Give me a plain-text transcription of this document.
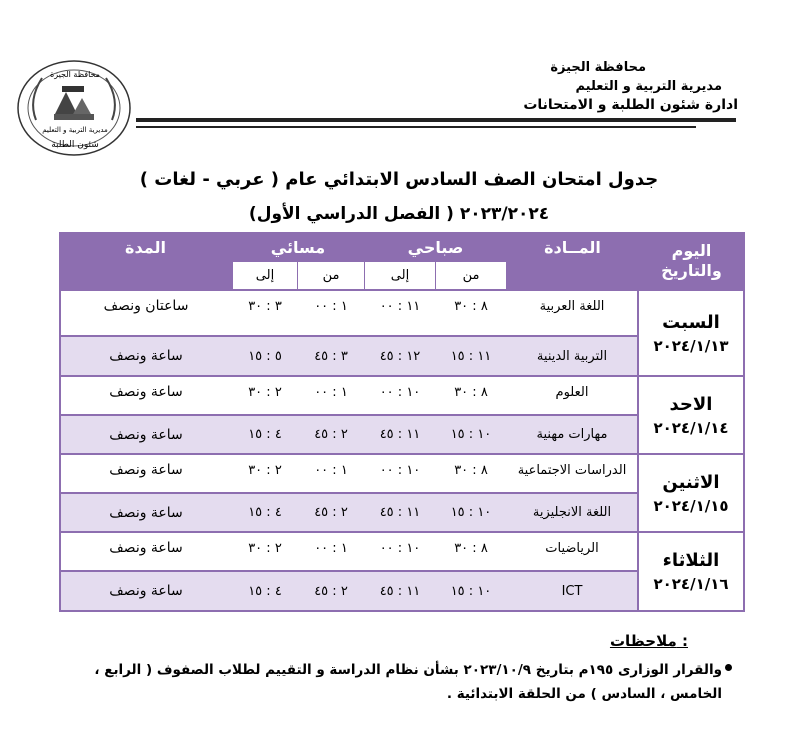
محافظة الجيزة
مديرية التربية و التعليم
ادارة شئون الطلبة و الامتحانات
محافظة الجيزة
مديرية التربية و التعليم
شئون الطلبة
جدول امتحان الصف السادس الابتدائي عام ( عربي - لغات )
(الفصل الدراسي الأول ) ٢٠٢٣/٢٠٢٤
اليوم والتاريخ
المــادة
صباحي
مسائي
المدة
من
إلى
من
إلى
السبت
٢٠٢٤/١/١٣
الاحد
٢٠٢٤/١/١٤
الاثنين
٢٠٢٤/١/١٥
الثلاثاء
٢٠٢٤/١/١٦
اللغة العربية
٨ : ٣٠
١١ : ٠٠
١ : ٠٠
٣ : ٣٠
ساعتان ونصف
التربية الدينية
١١ : ١٥
١٢ : ٤٥
٣ : ٤٥
٥ : ١٥
ساعة ونصف
العلوم
٨ : ٣٠
١٠ : ٠٠
١ : ٠٠
٢ : ٣٠
ساعة ونصف
مهارات مهنية
١٠ : ١٥
١١ : ٤٥
٢ : ٤٥
٤ : ١٥
ساعة ونصف
الدراسات الاجتماعية
٨ : ٣٠
١٠ : ٠٠
١ : ٠٠
٢ : ٣٠
ساعة ونصف
اللغة الانجليزية
١٠ : ١٥
١١ : ٤٥
٢ : ٤٥
٤ : ١٥
ساعة ونصف
الرياضيات
٨ : ٣٠
١٠ : ٠٠
١ : ٠٠
٢ : ٣٠
ساعة ونصف
ICT
١٠ : ١٥
١١ : ٤٥
٢ : ٤٥
٤ : ١٥
ساعة ونصف
ملاحظات :
والقرار الوزارى ١٩٥م بتاريخ ٢٠٢٣/١٠/٩ بشأن نظام الدراسة و التقييم لطلاب الصفوف ( الرابع ، الخامس ، السادس ) من الحلقة الابتدائية .
